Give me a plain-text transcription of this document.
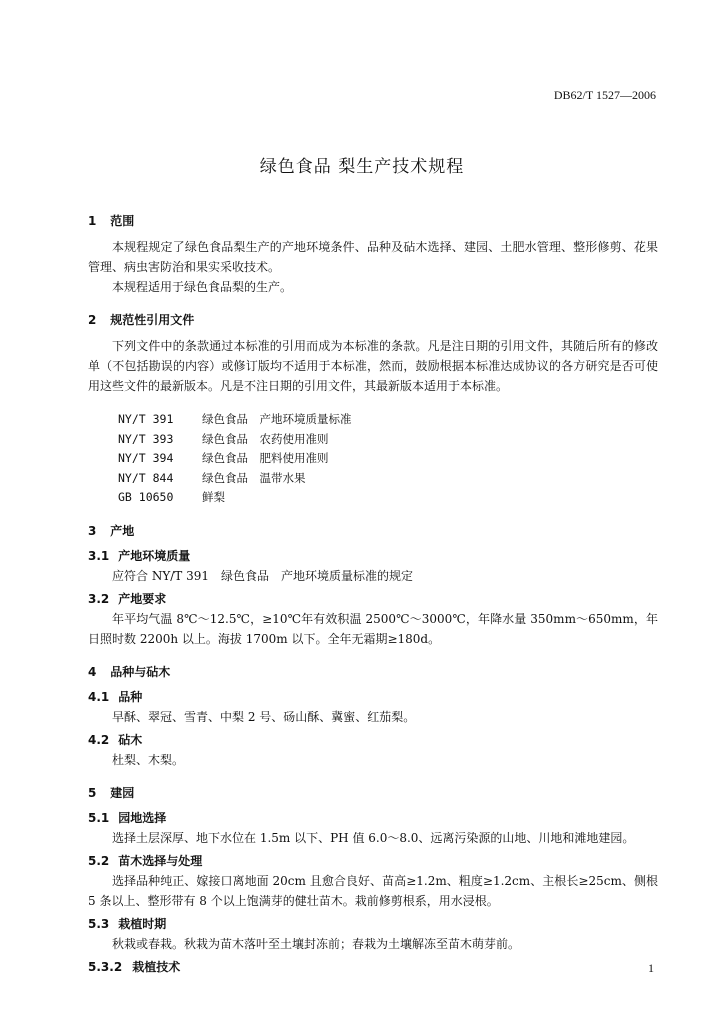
DB62/T 1527—2006
绿色食品 梨生产技术规程
1 范围

本规程规定了绿色食品梨生产的产地环境条件、品种及砧木选择、建园、土肥水管理、整形修剪、花果管理、病虫害防治和果实采收技术。

本规程适用于绿色食品梨的生产。

2 规范性引用文件

下列文件中的条款通过本标准的引用而成为本标准的条款。凡是注日期的引用文件，其随后所有的修改单（不包括勘误的内容）或修订版均不适用于本标准，然而，鼓励根据本标准达成协议的各方研究是否可使用这些文件的最新版本。凡是不注日期的引用文件，其最新版本适用于本标准。

NY/T 391	绿色食品　产地环境质量标准
NY/T 393	绿色食品　农药使用准则
NY/T 394	绿色食品　肥料使用准则
NY/T 844	绿色食品　温带水果
GB 10650	鲜梨
3 产地
3.1 产地环境质量

应符合 NY/T 391　绿色食品　产地环境质量标准的规定

3.2 产地要求

年平均气温 8℃～12.5℃，≥10℃年有效积温 2500℃～3000℃，年降水量 350mm～650mm，年日照时数 2200h 以上。海拔 1700m 以下。全年无霜期≥180d。

4 品种与砧木
4.1 品种

早酥、翠冠、雪青、中梨 2 号、砀山酥、冀蜜、红茄梨。

4.2 砧木

杜梨、木梨。

5 建园
5.1 园地选择

选择土层深厚、地下水位在 1.5m 以下、PH 值 6.0～8.0、远离污染源的山地、川地和滩地建园。

5.2 苗木选择与处理

选择品种纯正、嫁接口离地面 20cm 且愈合良好、苗高≥1.2m、粗度≥1.2cm、主根长≥25cm、侧根 5 条以上、整形带有 8 个以上饱满芽的健壮苗木。栽前修剪根系，用水浸根。

5.3 栽植时期

秋栽或春栽。秋栽为苗木落叶至土壤封冻前；春栽为土壤解冻至苗木萌芽前。

5.3.2 栽植技术	1
